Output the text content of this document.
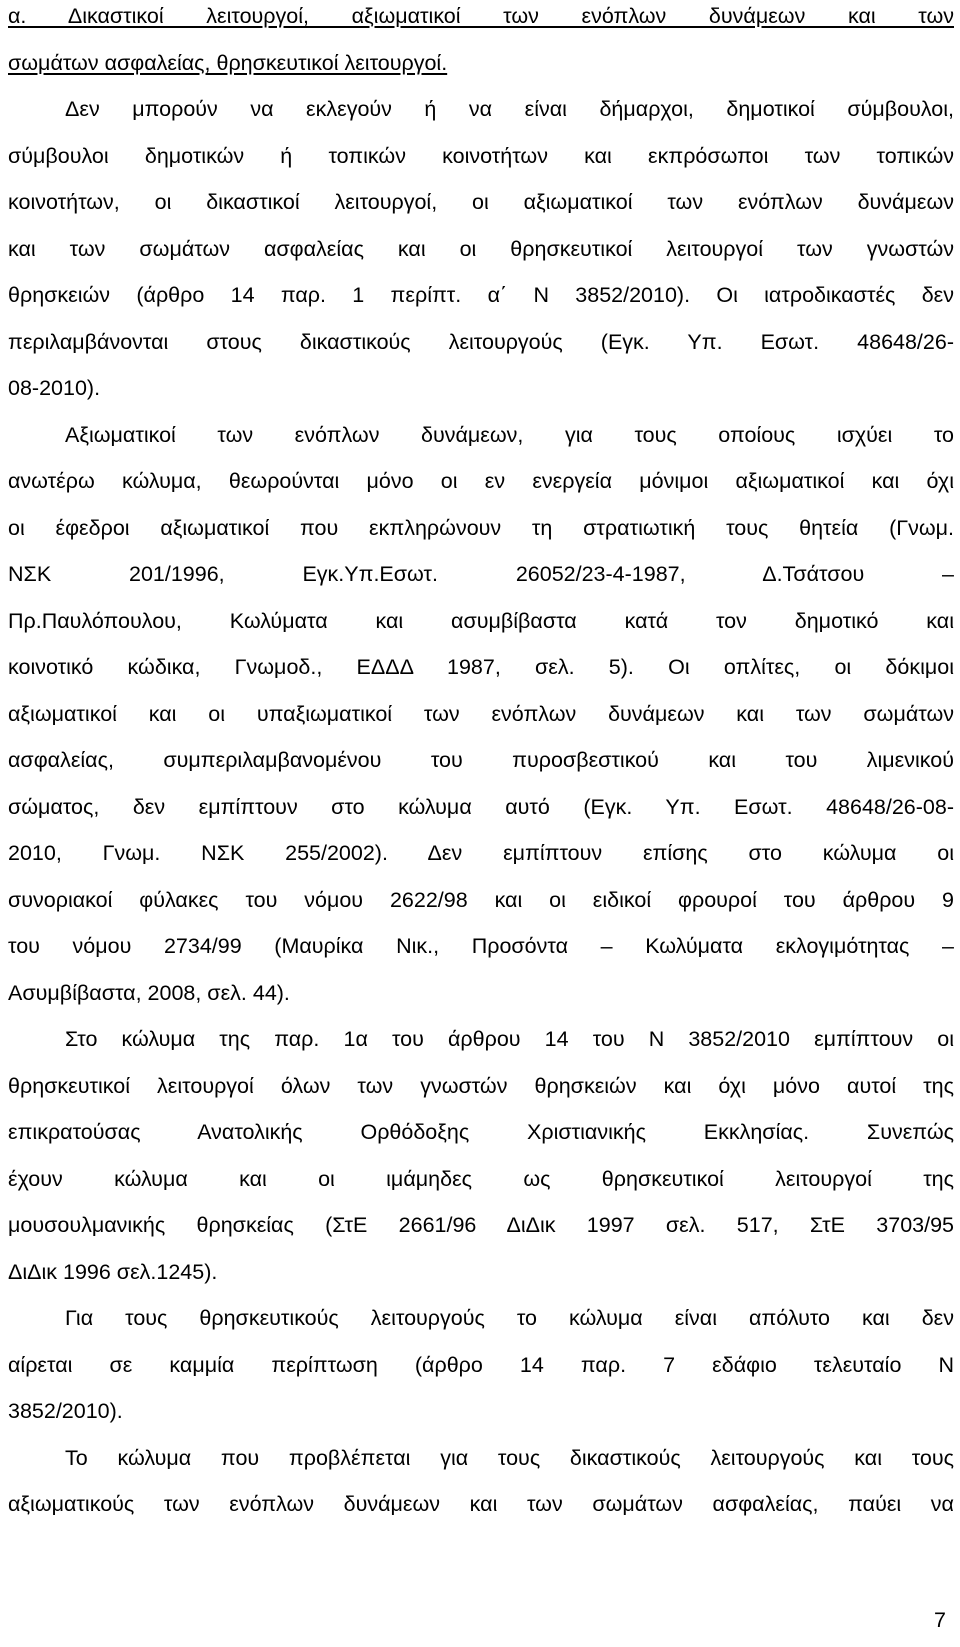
α. Δικαστικοί λειτουργοί, αξιωματικοί των ενόπλων δυνάμεων και των
σωμάτων ασφαλείας, θρησκευτικοί λειτουργοί.
Δεν μπορούν να εκλεγούν ή να είναι δήμαρχοι, δημοτικοί σύμβουλοι,
σύμβουλοι δημοτικών ή τοπικών κοινοτήτων και εκπρόσωποι των τοπικών
κοινοτήτων, οι δικαστικοί λειτουργοί, οι αξιωματικοί των ενόπλων δυνάμεων
και των σωμάτων ασφαλείας και οι θρησκευτικοί λειτουργοί των γνωστών
θρησκειών (άρθρο 14 παρ. 1 περίπτ. α΄ Ν 3852/2010). Οι ιατροδικαστές δεν
περιλαμβάνονται στους δικαστικούς λειτουργούς (Εγκ. Υπ. Εσωτ. 48648/26-
08-2010).
Αξιωματικοί των ενόπλων δυνάμεων, για τους οποίους ισχύει το
ανωτέρω κώλυμα, θεωρούνται μόνο οι εν ενεργεία μόνιμοι αξιωματικοί και όχι
οι έφεδροι αξιωματικοί που εκπληρώνουν τη στρατιωτική τους θητεία (Γνωμ.
ΝΣΚ 201/1996, Εγκ.Υπ.Εσωτ. 26052/23-4-1987, Δ.Τσάτσου –
Πρ.Παυλόπουλου, Κωλύματα και ασυμβίβαστα κατά τον δημοτικό και
κοινοτικό κώδικα, Γνωμοδ., ΕΔΔΔ 1987, σελ. 5). Οι οπλίτες, οι δόκιμοι
αξιωματικοί και οι υπαξιωματικοί των ενόπλων δυνάμεων και των σωμάτων
ασφαλείας, συμπεριλαμβανομένου του πυροσβεστικού και του λιμενικού
σώματος, δεν εμπίπτουν στο κώλυμα αυτό (Εγκ. Υπ. Εσωτ. 48648/26-08-
2010, Γνωμ. ΝΣΚ 255/2002). Δεν εμπίπτουν επίσης στο κώλυμα οι
συνοριακοί φύλακες του νόμου 2622/98 και οι ειδικοί φρουροί του άρθρου 9
του νόμου 2734/99 (Μαυρίκα Νικ., Προσόντα – Κωλύματα εκλογιμότητας –
Ασυμβίβαστα, 2008, σελ. 44).
Στο κώλυμα της παρ. 1α του άρθρου 14 του Ν 3852/2010 εμπίπτουν οι
θρησκευτικοί λειτουργοί όλων των γνωστών θρησκειών και όχι μόνο αυτοί της
επικρατούσας Ανατολικής Ορθόδοξης Χριστιανικής Εκκλησίας. Συνεπώς
έχουν κώλυμα και οι ιμάμηδες ως θρησκευτικοί λειτουργοί της
μουσουλμανικής θρησκείας (ΣτΕ 2661/96 ΔιΔικ 1997 σελ. 517, ΣτΕ 3703/95
ΔιΔικ 1996 σελ.1245).
Για τους θρησκευτικούς λειτουργούς το κώλυμα είναι απόλυτο και δεν
αίρεται σε καμμία περίπτωση (άρθρο 14 παρ. 7 εδάφιο τελευταίο Ν
3852/2010).
Το κώλυμα που προβλέπεται για τους δικαστικούς λειτουργούς και τους
αξιωματικούς των ενόπλων δυνάμεων και των σωμάτων ασφαλείας, παύει να
7
